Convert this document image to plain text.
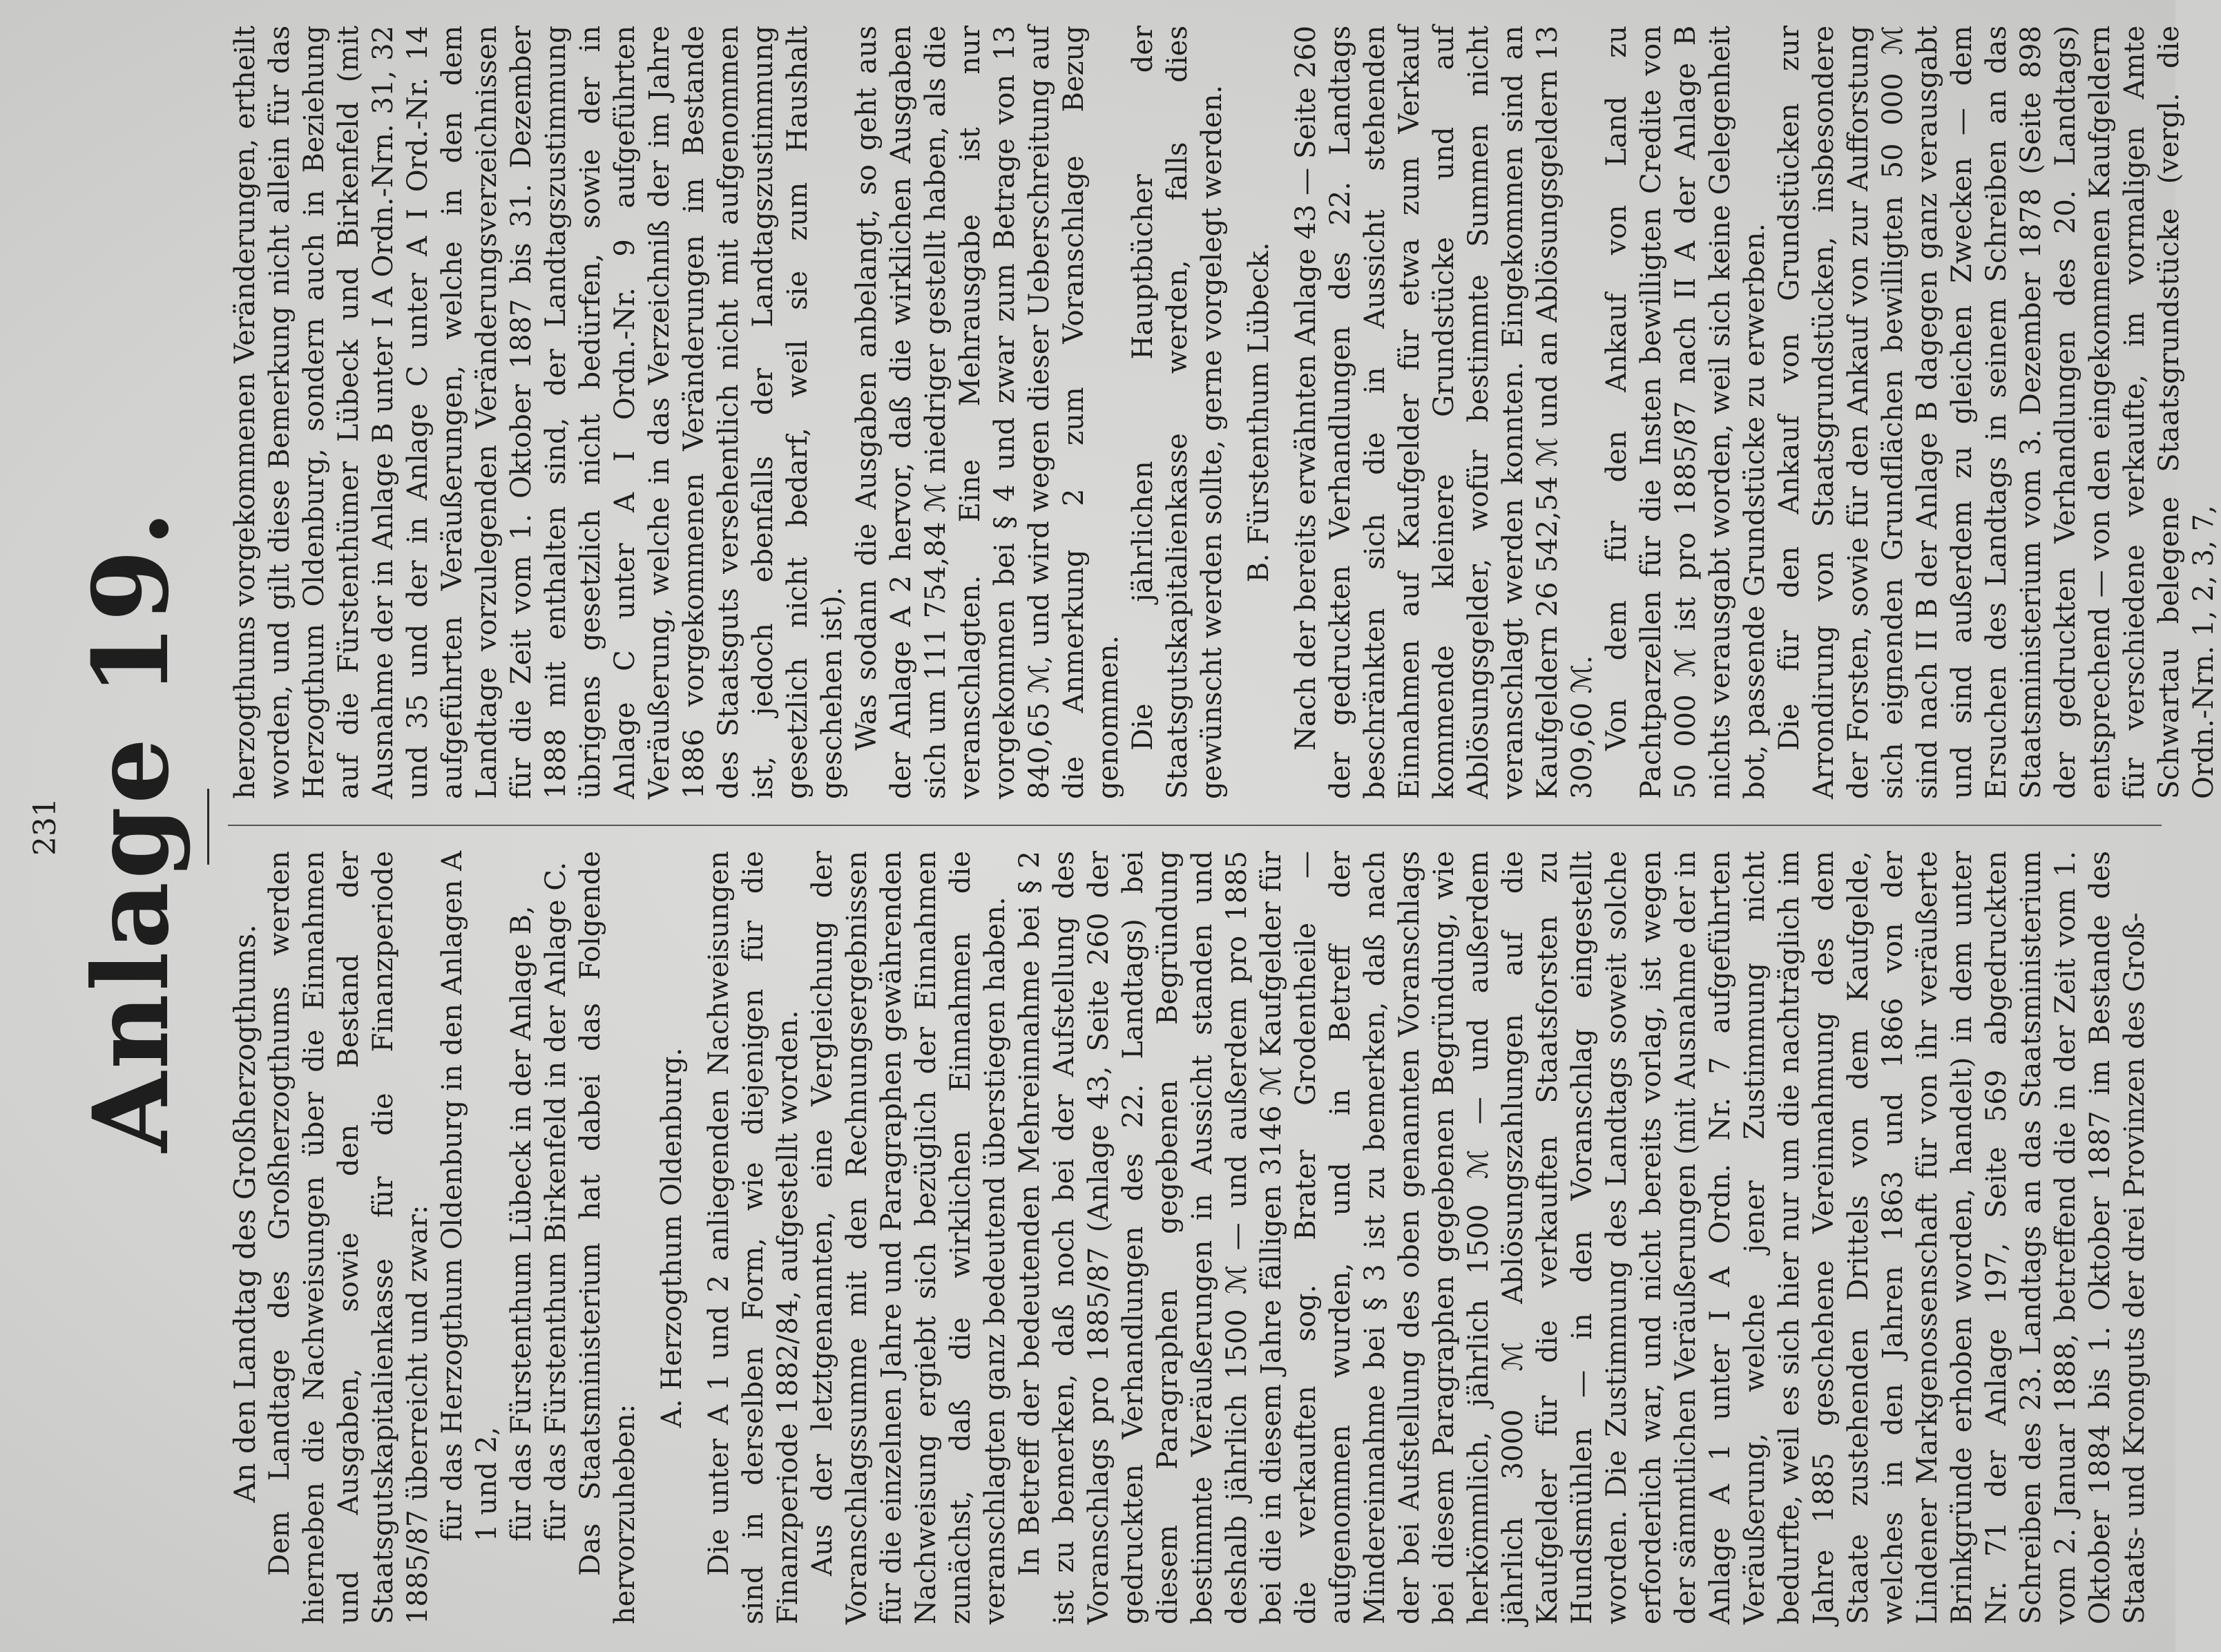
231 Anlage 19.

An den Landtag des Großherzogthums. Dem Landtage des Großherzogthums werden hierneben die Nachweisungen über die Einnahmen und Ausgaben, sowie den Bestand der Staatsgutskapitalienkasse für die Finanzperiode 1885/87 überreicht und zwar: für das Herzogthum Oldenburg in den Anlagen A 1 und 2, für das Fürstenthum Lübeck in der Anlage B, für das Fürstenthum Birkenfeld in der Anlage C. Das Staatsministerium hat dabei das Folgende hervorzuheben:

A. Herzogthum Oldenburg. Die unter A 1 und 2 anliegenden Nachweisungen sind in derselben Form, wie diejenigen für die Finanzperiode 1882/84, aufgestellt worden. Aus der letztgenannten, eine Vergleichung der Voranschlagssumme mit den Rechnungsergebnissen für die einzelnen Jahre und Paragraphen gewährenden Nachweisung ergiebt sich bezüglich der Einnahmen zunächst, daß die wirklichen Einnahmen die veranschlagten ganz bedeutend überstiegen haben. In Betreff der bedeutenden Mehreinnahme bei § 2 ist zu bemerken, daß noch bei der Aufstellung des Voranschlags pro 1885/87 (Anlage 43, Seite 260 der gedruckten Verhandlungen des 22. Landtags) bei diesem Paragraphen gegebenen Begründung bestimmte Veräußerungen in Aussicht standen und deshalb jährlich 1500 ℳ — und außerdem pro 1885 bei die in diesem Jahre fälligen 3146 ℳ Kaufgelder für die verkauften sog. Brater Grodentheile — aufgenommen wurden, und in Betreff der Mindereinnahme bei § 3 ist zu bemerken, daß nach der bei Aufstellung des oben genannten Voranschlags bei diesem Paragraphen gegebenen Begründung, wie herkömmlich, jährlich 1500 ℳ — und außerdem jährlich 3000 ℳ Ablösungszahlungen auf die Kaufgelder für die verkauften Staatsforsten zu Hundsmühlen — in den Voranschlag eingestellt worden. Die Zustimmung des Landtags soweit solche erforderlich war, und nicht bereits vorlag, ist wegen der sämmtlichen Veräußerungen (mit Ausnahme der in Anlage A 1 unter I A Ordn. Nr. 7 aufgeführten Veräußerung, welche jener Zustimmung nicht bedurfte, weil es sich hier nur um die nachträglich im Jahre 1885 geschehene Vereinnahmung des dem Staate zustehenden Drittels von dem Kaufgelde, welches in den Jahren 1863 und 1866 von der Lindener Markgenossenschaft für von ihr veräußerte Brinkgründe erhoben worden, handelt) in dem unter Nr. 71 der Anlage 197, Seite 569 abgedruckten Schreiben des 23. Landtags an das Staatsministerium vom 2. Januar 1888, betreffend die in der Zeit vom 1. Oktober 1884 bis 1. Oktober 1887 im Bestande des Staats- und Kronguts der drei Provinzen des Groß-

herzogthums vorgekommenen Veränderungen, ertheilt worden, und gilt diese Bemerkung nicht allein für das Herzogthum Oldenburg, sondern auch in Beziehung auf die Fürstenthümer Lübeck und Birkenfeld (mit Ausnahme der in Anlage B unter I A Ordn.-Nrn. 31, 32 und 35 und der in Anlage C unter A I Ord.-Nr. 14 aufgeführten Veräußerungen, welche in den dem Landtage vorzulegenden Veränderungsverzeichnissen für die Zeit vom 1. Oktober 1887 bis 31. Dezember 1888 mit enthalten sind, der Landtagszustimmung übrigens gesetzlich nicht bedürfen, sowie der in Anlage C unter A I Ordn.-Nr. 9 aufgeführten Veräußerung, welche in das Verzeichniß der im Jahre 1886 vorgekommenen Veränderungen im Bestande des Staatsguts versehentlich nicht mit aufgenommen ist, jedoch ebenfalls der Landtagszustimmung gesetzlich nicht bedarf, weil sie zum Haushalt geschehen ist). Was sodann die Ausgaben anbelangt, so geht aus der Anlage A 2 hervor, daß die wirklichen Ausgaben sich um 111 754,84 ℳ niedriger gestellt haben, als die veranschlagten. Eine Mehrausgabe ist nur vorgekommen bei § 4 und zwar zum Betrage von 13 840,65 ℳ, und wird wegen dieser Ueberschreitung auf die Anmerkung 2 zum Voranschlage Bezug genommen. Die jährlichen Hauptbücher der Staatsgutskapitalienkasse werden, falls dies gewünscht werden sollte, gerne vorgelegt werden. B. Fürstenthum Lübeck. Nach der bereits erwähnten Anlage 43 — Seite 260 der gedruckten Verhandlungen des 22. Landtags beschränkten sich die in Aussicht stehenden Einnahmen auf Kaufgelder für etwa zum Verkauf kommende kleinere Grundstücke und auf Ablösungsgelder, wofür bestimmte Summen nicht veranschlagt werden konnten. Eingekommen sind an Kaufgeldern 26 542,54 ℳ und an Ablösungsgeldern 13 309,60 ℳ. Von dem für den Ankauf von Land zu Pachtparzellen für die Insten bewilligten Credite von 50 000 ℳ ist pro 1885/87 nach II A der Anlage B nichts verausgabt worden, weil sich keine Gelegenheit bot, passende Grundstücke zu erwerben. Die für den Ankauf von Grundstücken zur Arrondirung von Staatsgrundstücken, insbesondere der Forsten, sowie für den Ankauf von zur Aufforstung sich eignenden Grundflächen bewilligten 50 000 ℳ sind nach II B der Anlage B dagegen ganz verausgabt und sind außerdem zu gleichen Zwecken — dem Ersuchen des Landtags in seinem Schreiben an das Staatsministerium vom 3. Dezember 1878 (Seite 898 der gedruckten Verhandlungen des 20. Landtags) entsprechend — von den eingekommenen Kaufgeldern für verschiedene verkaufte, im vormaligen Amte Schwartau belegene Staatsgrundstücke (vergl. die Ordn.-Nrn. 1, 2, 3, 7,
